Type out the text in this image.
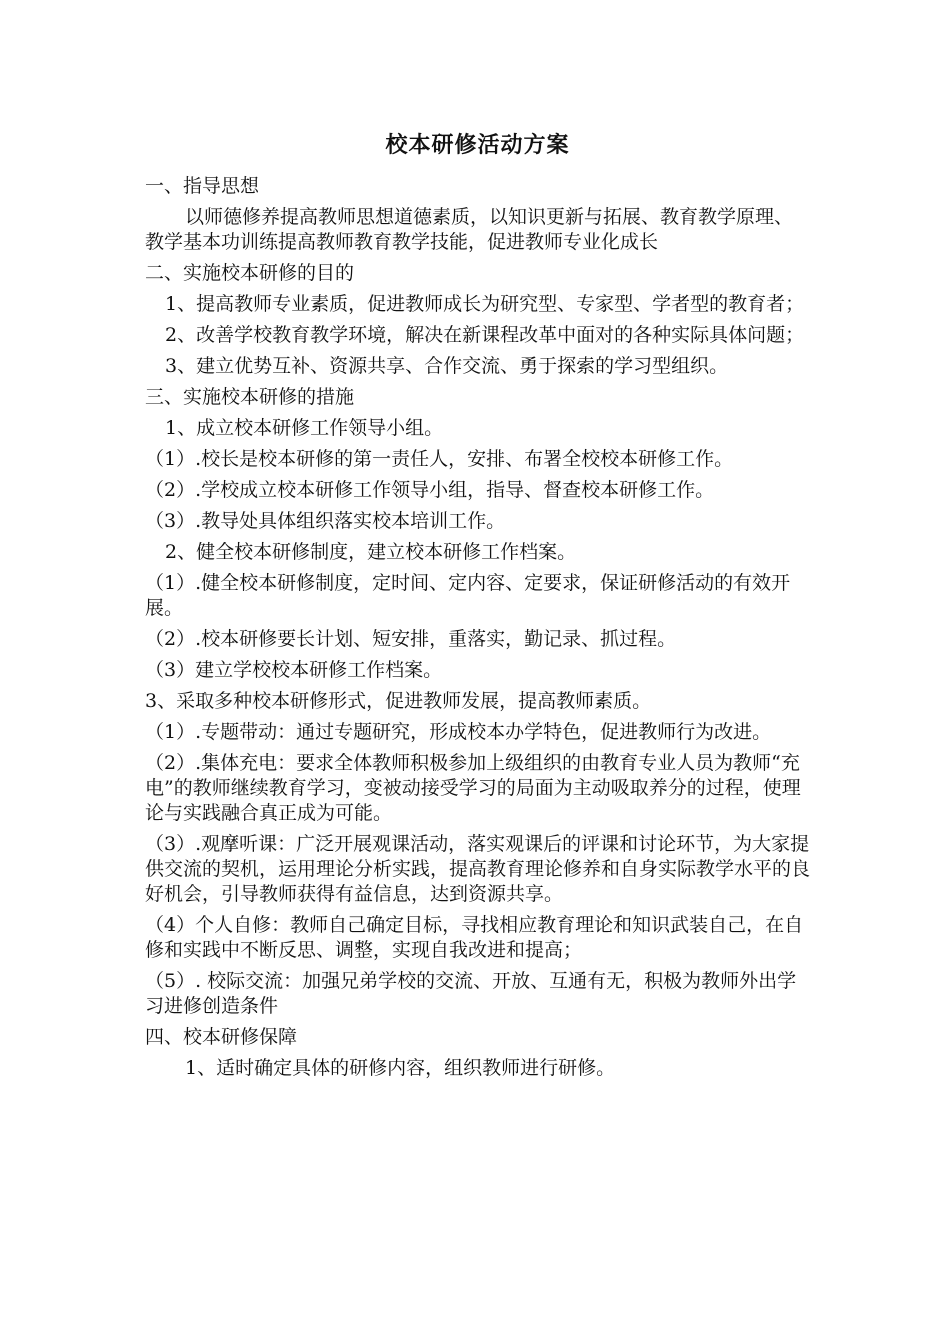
校本研修活动方案
一、指导思想
以师德修养提高教师思想道德素质，以知识更新与拓展、教育教学原理、教学基本功训练提高教师教育教学技能，促进教师专业化成长
二、实施校本研修的目的
1、提高教师专业素质，促进教师成长为研究型、专家型、学者型的教育者；
2、改善学校教育教学环境，解决在新课程改革中面对的各种实际具体问题；
3、建立优势互补、资源共享、合作交流、勇于探索的学习型组织。
三、实施校本研修的措施
1、成立校本研修工作领导小组。
（1）.校长是校本研修的第一责任人，安排、布署全校校本研修工作。
（2）.学校成立校本研修工作领导小组，指导、督查校本研修工作。
（3）.教导处具体组织落实校本培训工作。
2、健全校本研修制度，建立校本研修工作档案。
（1）.健全校本研修制度，定时间、定内容、定要求，保证研修活动的有效开展。
（2）.校本研修要长计划、短安排，重落实，勤记录、抓过程。
（3）建立学校校本研修工作档案。
3、采取多种校本研修形式，促进教师发展，提高教师素质。
（1）.专题带动：通过专题研究，形成校本办学特色，促进教师行为改进。
（2）.集体充电：要求全体教师积极参加上级组织的由教育专业人员为教师“充电”的教师继续教育学习，变被动接受学习的局面为主动吸取养分的过程，使理论与实践融合真正成为可能。
（3）.观摩听课：广泛开展观课活动，落实观课后的评课和讨论环节，为大家提供交流的契机，运用理论分析实践，提高教育理论修养和自身实际教学水平的良好机会，引导教师获得有益信息，达到资源共享。
（4）个人自修：教师自己确定目标，寻找相应教育理论和知识武装自己，在自修和实践中不断反思、调整，实现自我改进和提高；
（5）. 校际交流：加强兄弟学校的交流、开放、互通有无，积极为教师外出学习进修创造条件
四、校本研修保障
1、适时确定具体的研修内容，组织教师进行研修。
